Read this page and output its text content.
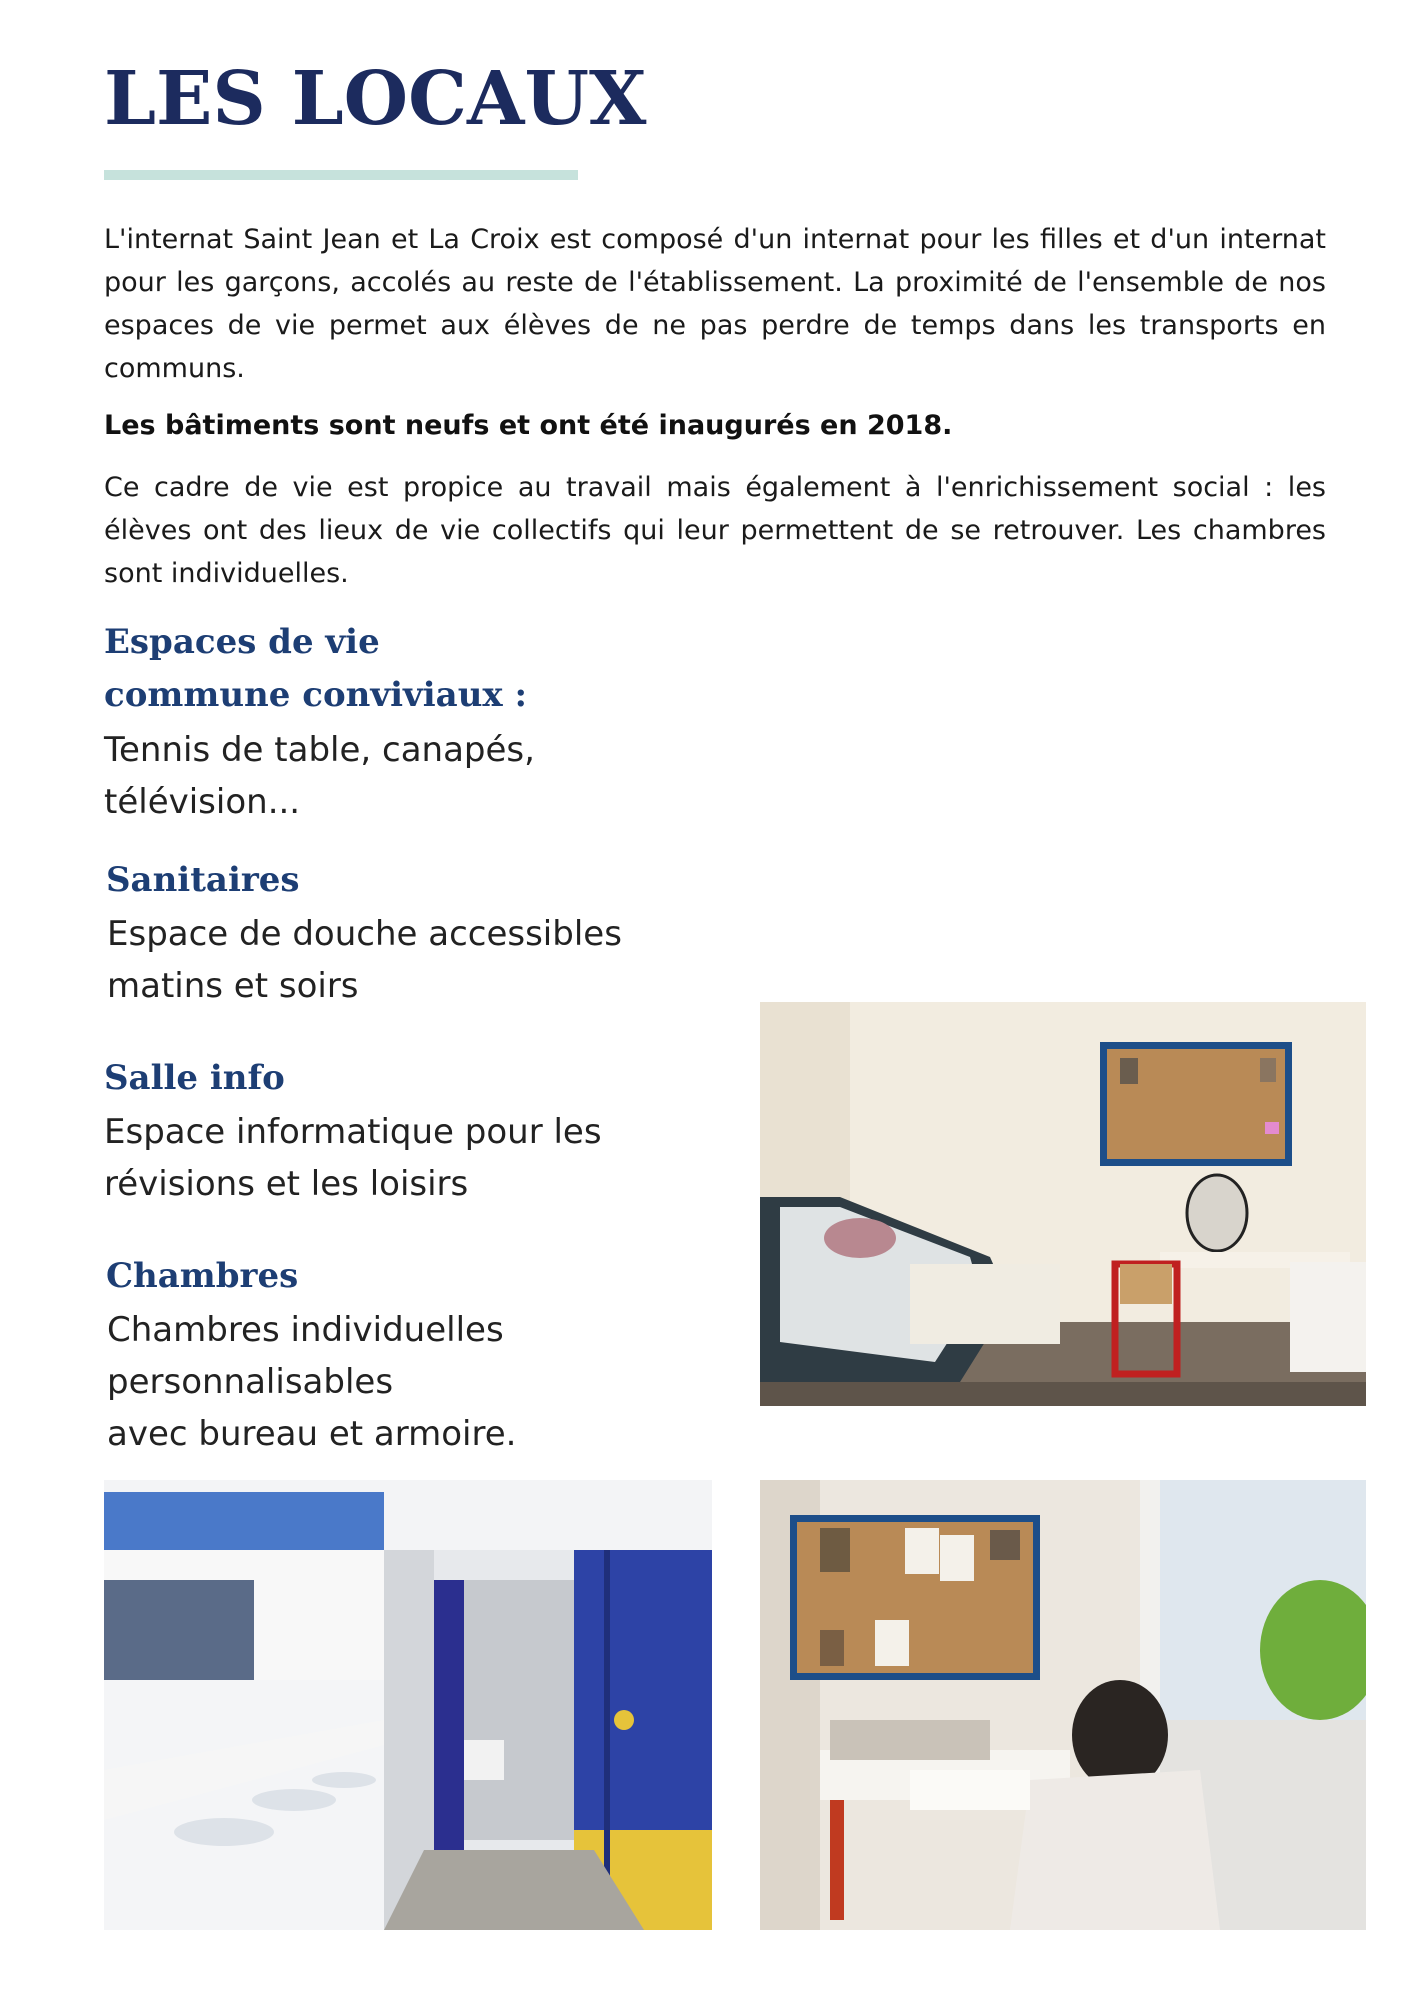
LES LOCAUX

L'internat Saint Jean et La Croix est composé d'un internat pour les filles et d'un internat pour les garçons, accolés au reste de l'établissement. La proximité de l'ensemble de nos espaces de vie permet aux élèves de ne pas perdre de temps dans les transports en communs.

Les bâtiments sont neufs et ont été inaugurés en 2018.

Ce cadre de vie est propice au travail mais également à l'enrichissement social : les élèves ont des lieux de vie collectifs qui leur permettent de se retrouver. Les chambres sont individuelles.

Espaces de vie commune conviviaux :

Tennis de table, canapés, télévision...

Sanitaires

Espace de douche accessibles
matins et soirs

Salle info

Espace informatique pour les
révisions et les loisirs

Chambres

Chambres individuelles
personnalisables
avec bureau et armoire.
